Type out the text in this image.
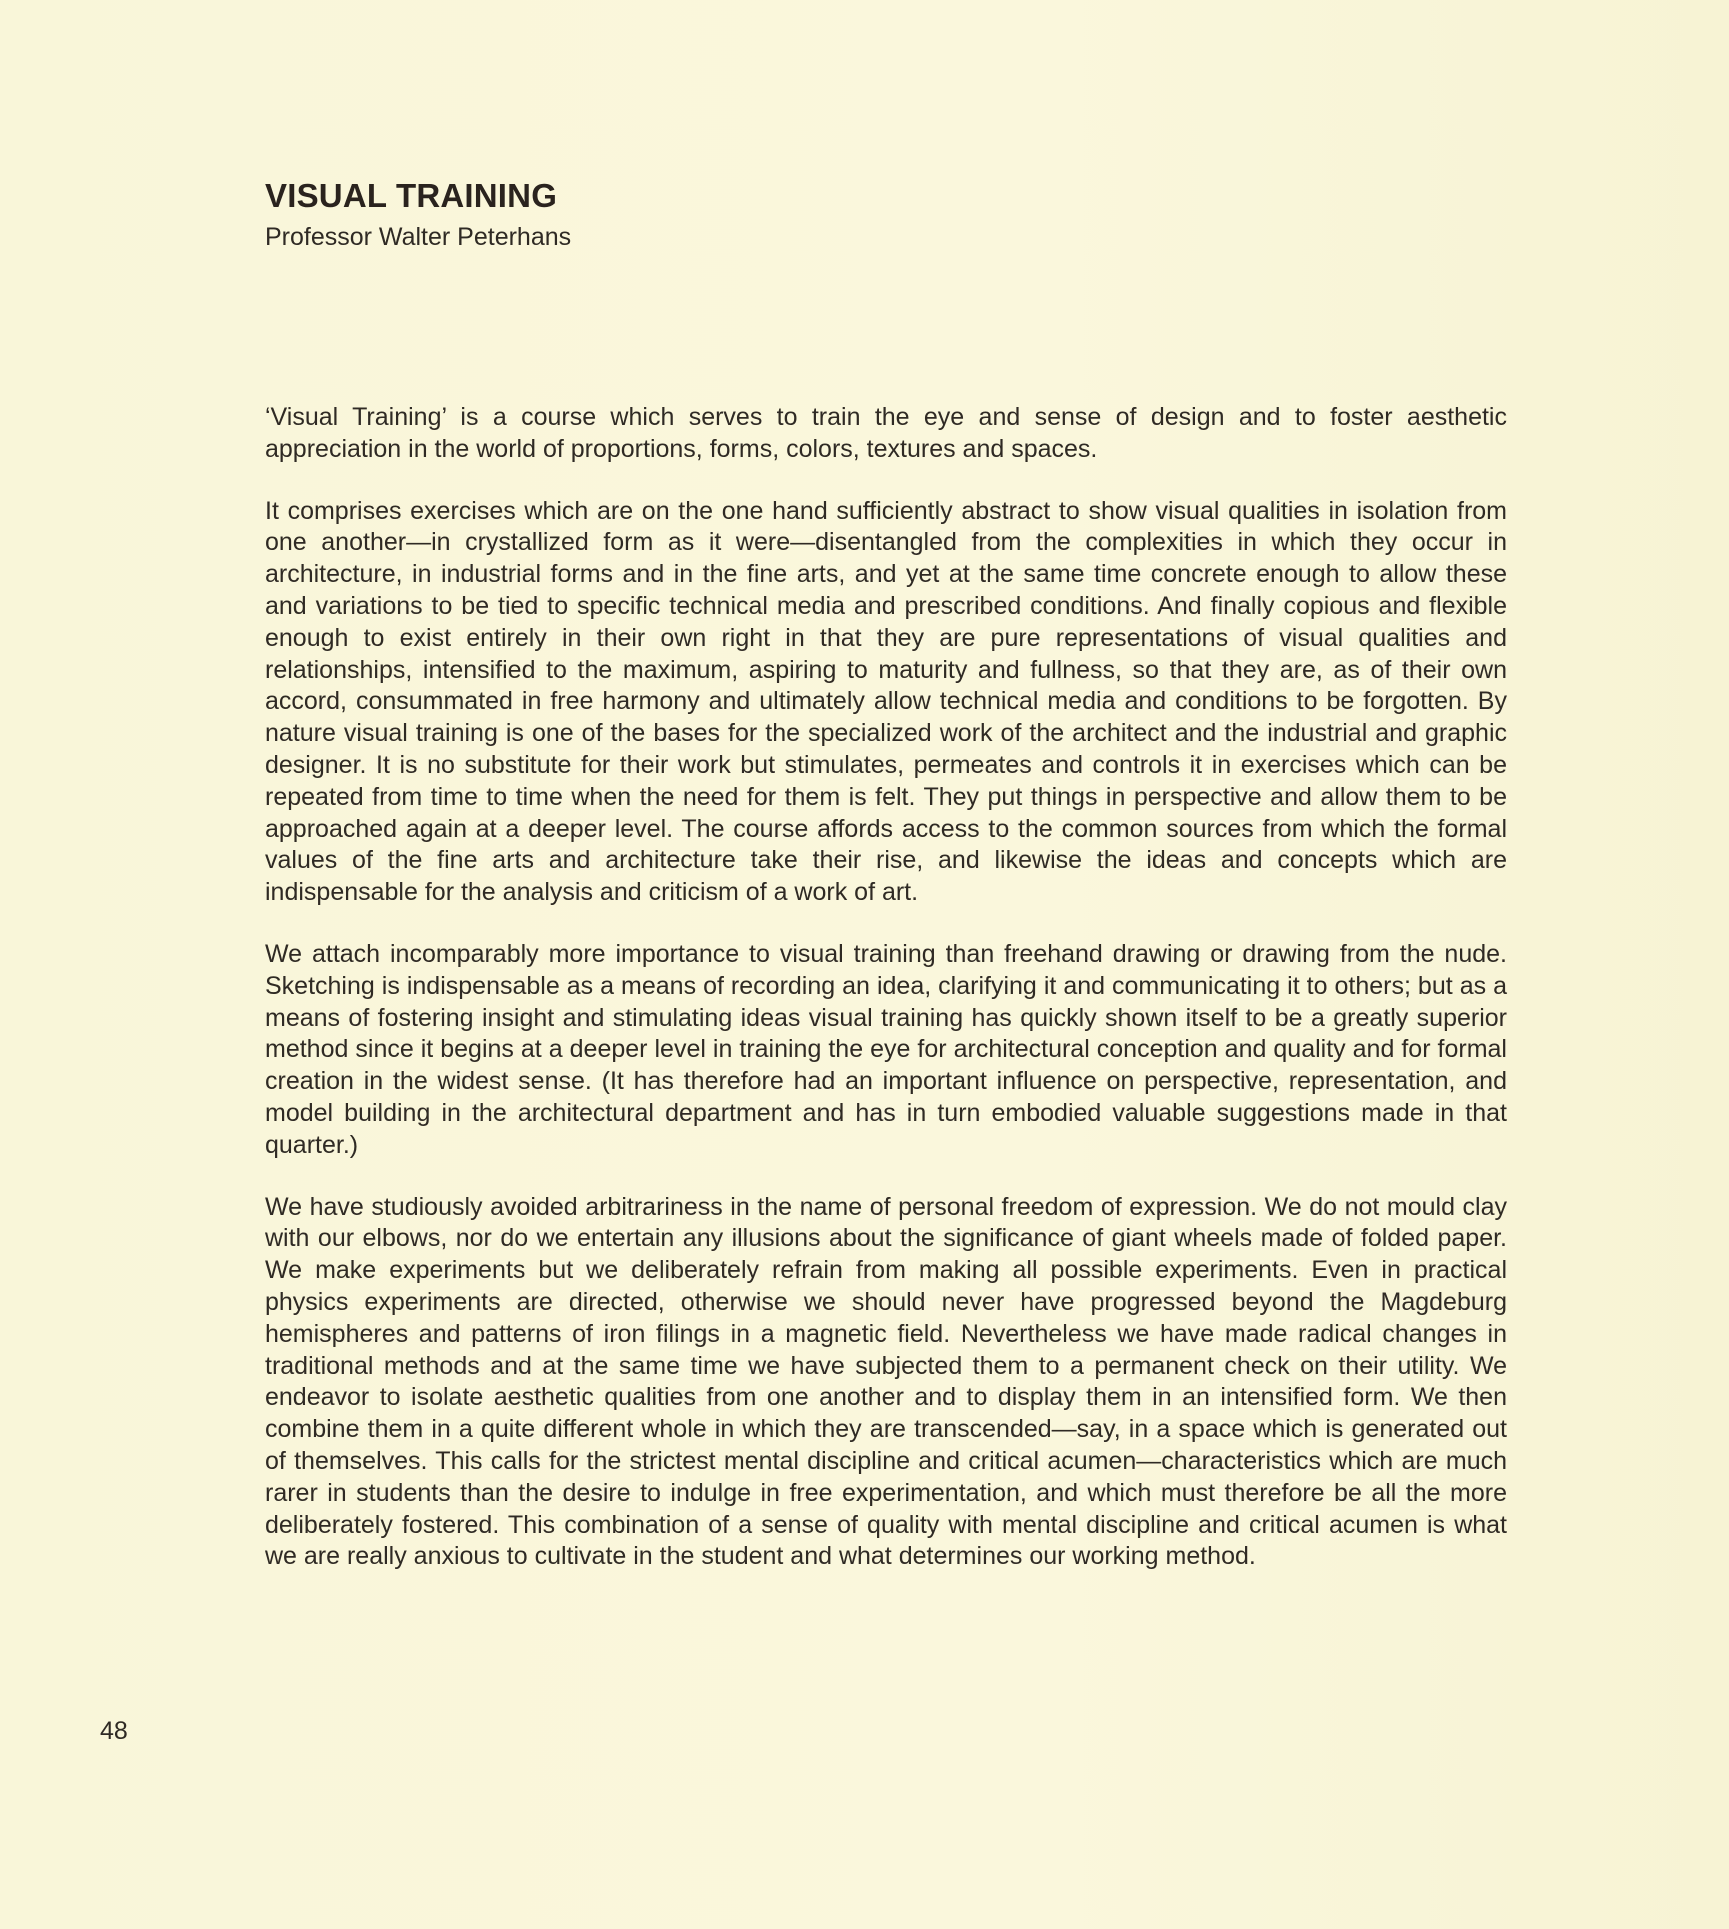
VISUAL TRAINING

Professor Walter Peterhans

‘Visual Training’ is a course which serves to train the eye and sense of design and to foster aesthetic appreciation in the world of proportions, forms, colors, textures and spaces.

It comprises exercises which are on the one hand sufficiently abstract to show visual qualities in isolation from one another—in crystallized form as it were—disentangled from the complexities in which they occur in architecture, in industrial forms and in the fine arts, and yet at the same time concrete enough to allow these and variations to be tied to specific technical media and prescribed conditions. And finally copious and flexible enough to exist entirely in their own right in that they are pure representations of visual qualities and relationships, intensified to the maximum, aspiring to maturity and fullness, so that they are, as of their own accord, consummated in free harmony and ultimately allow technical media and conditions to be forgotten. By nature visual training is one of the bases for the specialized work of the architect and the industrial and graphic designer. It is no substitute for their work but stimulates, permeates and controls it in exercises which can be repeated from time to time when the need for them is felt. They put things in perspective and allow them to be approached again at a deeper level. The course affords access to the common sources from which the formal values of the fine arts and architecture take their rise, and likewise the ideas and concepts which are indispensable for the analysis and criticism of a work of art.

We attach incomparably more importance to visual training than freehand drawing or drawing from the nude. Sketching is indispensable as a means of recording an idea, clarifying it and communicating it to others; but as a means of fostering insight and stimulating ideas visual training has quickly shown itself to be a greatly superior method since it begins at a deeper level in training the eye for architectural conception and quality and for formal creation in the widest sense. (It has therefore had an important influence on perspective, representation, and model building in the architectural department and has in turn embodied valuable suggestions made in that quarter.)

We have studiously avoided arbitrariness in the name of personal freedom of expression. We do not mould clay with our elbows, nor do we entertain any illusions about the significance of giant wheels made of folded paper. We make experiments but we deliberately refrain from making all possible experiments. Even in practical physics experiments are directed, otherwise we should never have progressed beyond the Magdeburg hemispheres and patterns of iron filings in a magnetic field. Nevertheless we have made radical changes in traditional methods and at the same time we have subjected them to a permanent check on their utility. We endeavor to isolate aesthetic qualities from one another and to display them in an intensified form. We then combine them in a quite different whole in which they are transcended—say, in a space which is generated out of themselves. This calls for the strictest mental discipline and critical acumen—characteristics which are much rarer in students than the desire to indulge in free experimentation, and which must therefore be all the more deliberately fostered. This combination of a sense of quality with mental discipline and critical acumen is what we are really anxious to cultivate in the student and what determines our working method.

48
